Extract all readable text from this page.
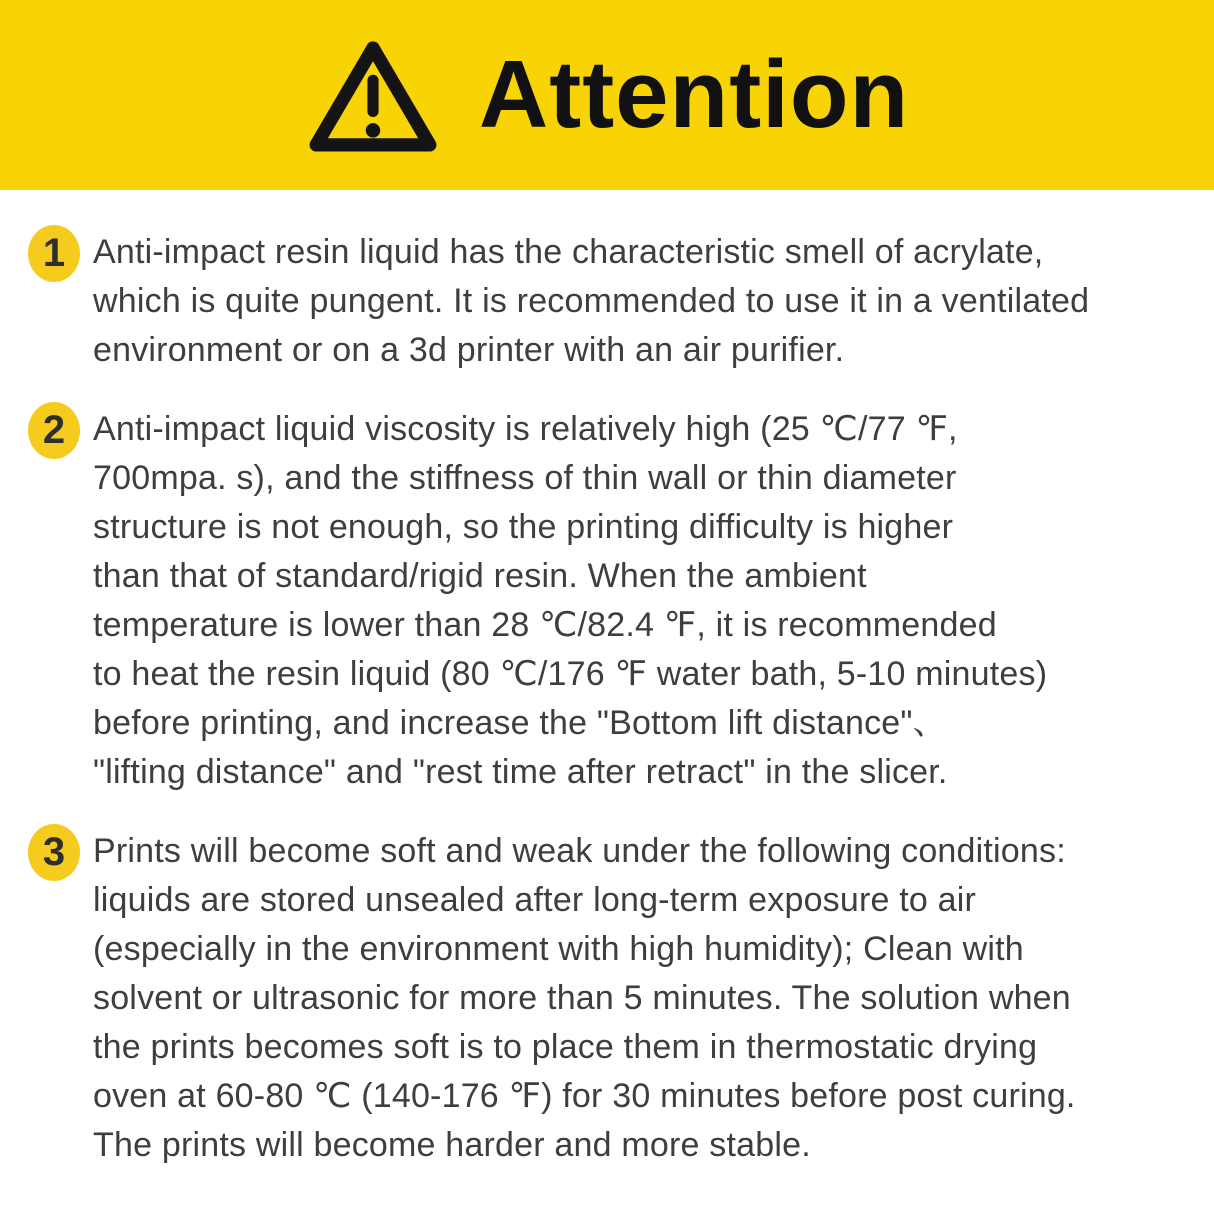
Attention
1 Anti-impact resin liquid has the characteristic smell of acrylate,
which is quite pungent. It is recommended to use it in a ventilated
environment or on a 3d printer with an air purifier.
2 Anti-impact liquid viscosity is relatively high (25 ℃/77 ℉,
700mpa. s), and the stiffness of thin wall or thin diameter
structure is not enough, so the printing difficulty is higher
than that of standard/rigid resin. When the ambient
temperature is lower than 28 ℃/82.4 ℉, it is recommended
to heat the resin liquid (80 ℃/176 ℉ water bath, 5-10 minutes)
before printing, and increase the "Bottom lift distance"、
"lifting distance" and "rest time after retract" in the slicer.
3 Prints will become soft and weak under the following conditions:
liquids are stored unsealed after long-term exposure to air
(especially in the environment with high humidity); Clean with
solvent or ultrasonic for more than 5 minutes. The solution when
the prints becomes soft is to place them in thermostatic drying
oven at 60-80 ℃ (140-176 ℉) for 30 minutes before post curing.
The prints will become harder and more stable.
